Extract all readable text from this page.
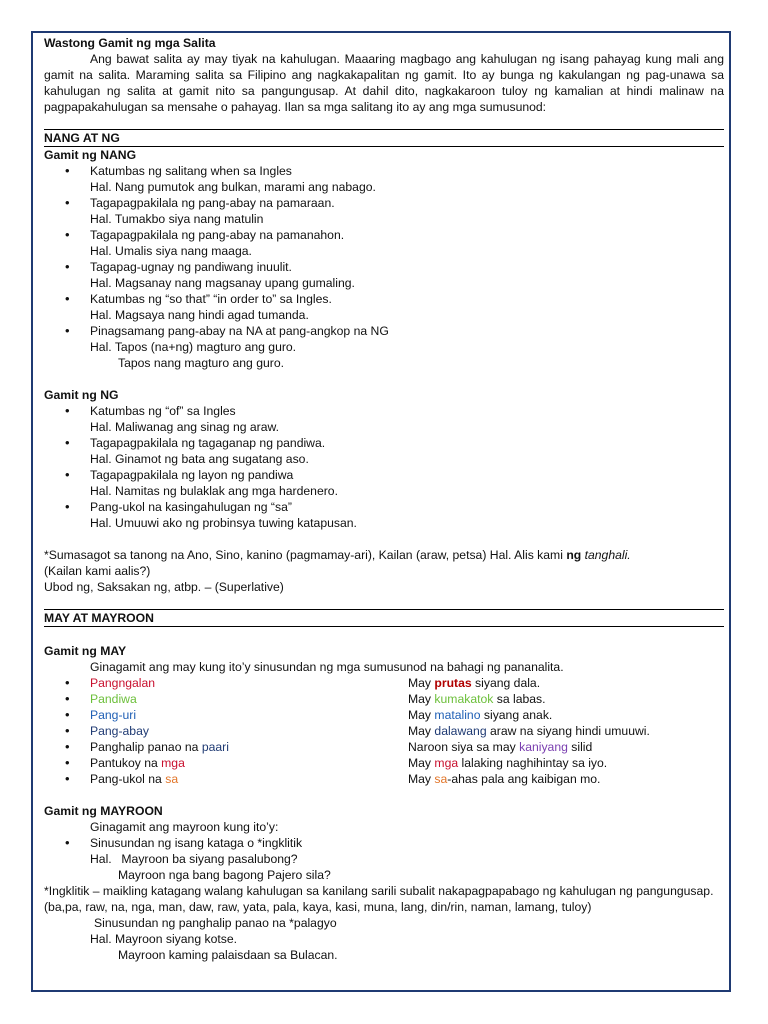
Wastong Gamit ng mga Salita
Ang bawat salita ay may tiyak na kahulugan. Maaaring magbago ang kahulugan ng isang pahayag kung mali ang gamit na salita. Maraming salita sa Filipino ang nagkakapalitan ng gamit. Ito ay bunga ng kakulangan ng pag-unawa sa kahulugan ng salita at gamit nito sa pangungusap. At dahil dito, nagkakaroon tuloy ng kamalian at hindi malinaw na pagpapakahulugan sa mensahe o pahayag. Ilan sa mga salitang ito ay ang mga sumusunod:
NANG AT NG
Gamit ng NANG
• Katumbas ng salitang when sa Ingles
Hal. Nang pumutok ang bulkan, marami ang nabago.
• Tagapagpakilala ng pang-abay na pamaraan.
Hal. Tumakbo siya nang matulin
• Tagapagpakilala ng pang-abay na pamanahon.
Hal. Umalis siya nang maaga.
• Tagapag-ugnay ng pandiwang inuulit.
Hal. Magsanay nang magsanay upang gumaling.
• Katumbas ng “so that” “in order to” sa Ingles.
Hal. Magsaya nang hindi agad tumanda.
• Pinagsamang pang-abay na NA at pang-angkop na NG
Hal. Tapos (na+ng) magturo ang guro.
Tapos nang magturo ang guro.
Gamit ng NG
• Katumbas ng “of” sa Ingles
Hal. Maliwanag ang sinag ng araw.
• Tagapagpakilala ng tagaganap ng pandiwa.
Hal. Ginamot ng bata ang sugatang aso.
• Tagapagpakilala ng layon ng pandiwa
Hal. Namitas ng bulaklak ang mga hardenero.
• Pang-ukol na kasingahulugan ng “sa”
Hal. Umuuwi ako ng probinsya tuwing katapusan.
*Sumasagot sa tanong na Ano, Sino, kanino (pagmamay-ari), Kailan (araw, petsa) Hal. Alis kami ng tanghali.
(Kailan kami aalis?)
Ubod ng, Saksakan ng, atbp. – (Superlative)
MAY AT MAYROON
Gamit ng MAY
Ginagamit ang may kung ito’y sinusundan ng mga sumusunod na bahagi ng pananalita.
• Pangngalan	May prutas siyang dala.
• Pandiwa	May kumakatok sa labas.
• Pang-uri	May matalino siyang anak.
• Pang-abay	May dalawang araw na siyang hindi umuuwi.
• Panghalip panao na paari	Naroon siya sa may kaniyang silid
• Pantukoy na mga	May mga lalaking naghihintay sa iyo.
• Pang-ukol na sa	May sa-ahas pala ang kaibigan mo.
Gamit ng MAYROON
Ginagamit ang mayroon kung ito’y:
• Sinusundan ng isang kataga o *ingklitik
Hal. Mayroon ba siyang pasalubong?
Mayroon nga bang bagong Pajero sila?
*Ingklitik – maikling katagang walang kahulugan sa kanilang sarili subalit nakapagpapabago ng kahulugan ng pangungusap.
(ba,pa, raw, na, nga, man, daw, raw, yata, pala, kaya, kasi, muna, lang, din/rin, naman, lamang, tuloy)
Sinusundan ng panghalip panao na *palagyo
Hal. Mayroon siyang kotse.
Mayroon kaming palaisdaan sa Bulacan.
